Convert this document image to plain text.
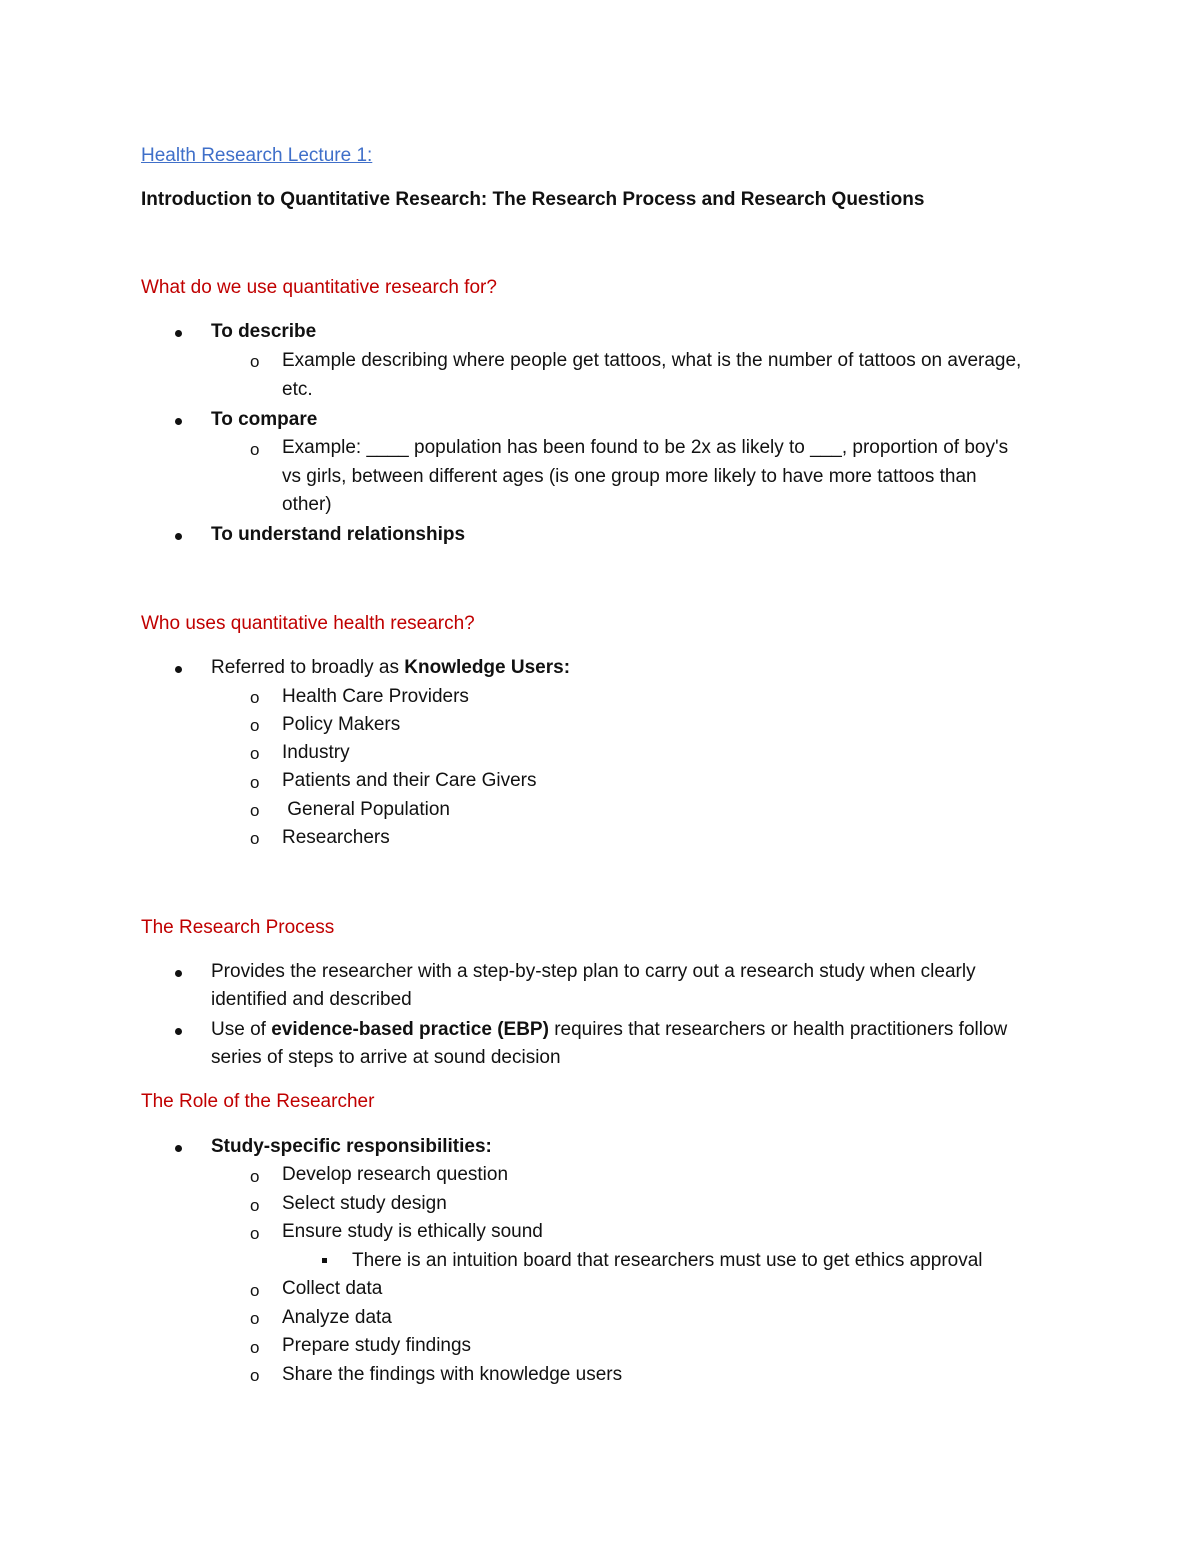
Health Research Lecture 1:
Introduction to Quantitative Research: The Research Process and Research Questions
What do we use quantitative research for?
To describe
o Example describing where people get tattoos, what is the number of tattoos on average,
etc.
To compare
o Example: ____ population has been found to be 2x as likely to ___, proportion of boy's
vs girls, between different ages (is one group more likely to have more tattoos than
other)
To understand relationships
Who uses quantitative health research?
Referred to broadly as Knowledge Users:
o Health Care Providers
o Policy Makers
o Industry
o Patients and their Care Givers
o General Population
o Researchers
The Research Process
Provides the researcher with a step-by-step plan to carry out a research study when clearly
identified and described
Use of evidence-based practice (EBP) requires that researchers or health practitioners follow
series of steps to arrive at sound decision
The Role of the Researcher
Study-specific responsibilities:
o Develop research question
o Select study design
o Ensure study is ethically sound
There is an intuition board that researchers must use to get ethics approval
o Collect data
o Analyze data
o Prepare study findings
o Share the findings with knowledge users
